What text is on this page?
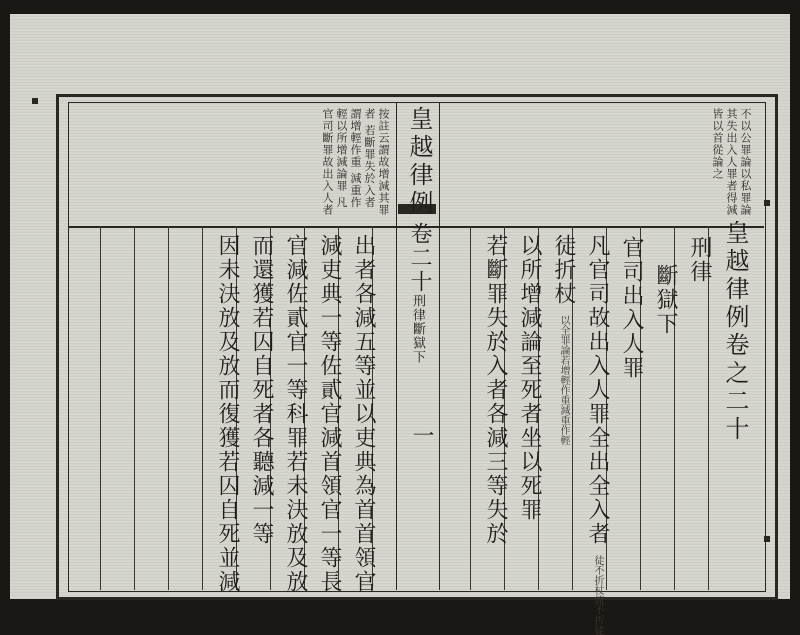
按註云謂故增減其罪者 若斷罪失於入者謂增輕作重 減重作輕以所增減論罪 凡官司斷罪故出入人者	不以公罪論以私罪論 其失出入人罪者得減 皆以首從論之
皇越律例
卷二十
刑律斷獄下
一	皇越律例卷之二十
刑律
斷獄下
官司出入人罪
凡官司故出入人罪全出全入者 徒不折杖流不折徒
徒折杖 以全罪論若增輕作重減重作輕
以所增減論至死者坐以死罪
若斷罪失於入者各減三等失於
出者各減五等並以吏典為首首領官
減吏典一等佐貳官減首領官一等長
官減佐貳官一等科罪若未決放及放
而還獲若囚自死者各聽減一等
因未決放及放而復獲若囚自死並減
